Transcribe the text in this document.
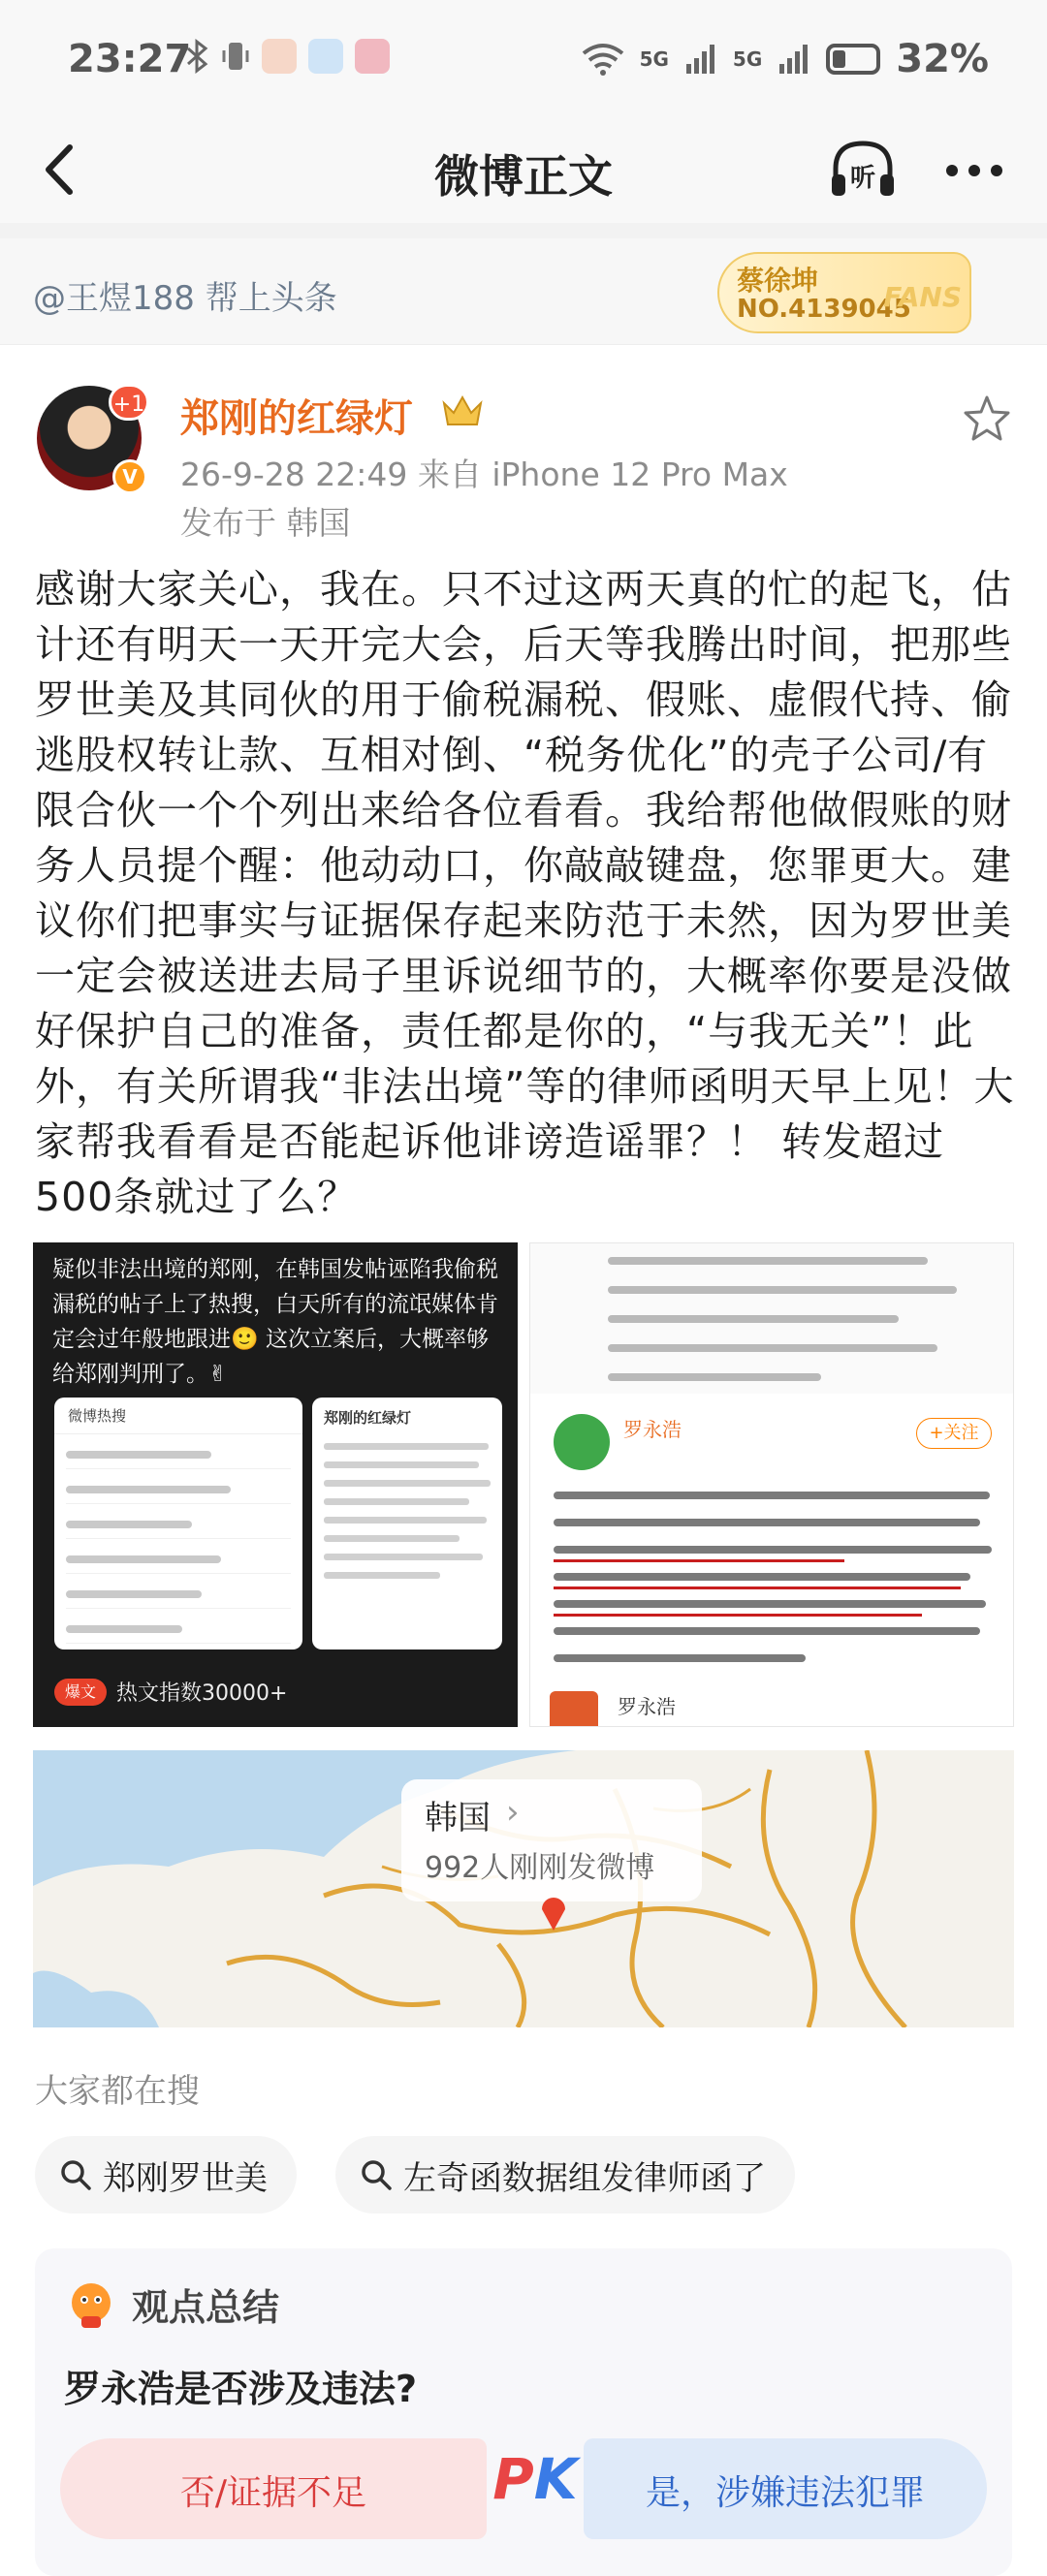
23:27	5G	5G	32%
微博正文	听
@王煜188 帮上头条	蔡徐坤
NO.4139045
FANS
+1
V
郑刚的红绿灯
26-9-28 22:49 来自 iPhone 12 Pro Max
发布于 韩国
感谢大家关心，我在。只不过这两天真的忙的起飞，估计还有明天一天开完大会，后天等我腾出时间，把那些罗世美及其同伙的用于偷税漏税、假账、虚假代持、偷逃股权转让款、互相对倒、“税务优化”的壳子公司/有限合伙一个个列出来给各位看看。我给帮他做假账的财务人员提个醒：他动动口，你敲敲键盘，您罪更大。建议你们把事实与证据保存起来防范于未然，因为罗世美一定会被送进去局子里诉说细节的，大概率你要是没做好保护自己的准备，责任都是你的，“与我无关”！此外，有关所谓我“非法出境”等的律师函明天早上见！大家帮我看看是否能起诉他诽谤造谣罪？！ 转发超过500条就过了么？
疑似非法出境的郑刚，在韩国发帖诬陷我偷税漏税的帖子上了热搜，白天所有的流氓媒体肯定会过年般地跟进🙂 这次立案后，大概率够给郑刚判刑了。✌
微博热搜	郑刚的红绿灯
爆文 热文指数30000+
罗永浩	+关注
罗永浩
韩国 ›
992人刚刚发微博
大家都在搜
郑刚罗世美	左奇函数据组发律师函了
观点总结
罗永浩是否涉及违法?
否/证据不足	PK	是，涉嫌违法犯罪
